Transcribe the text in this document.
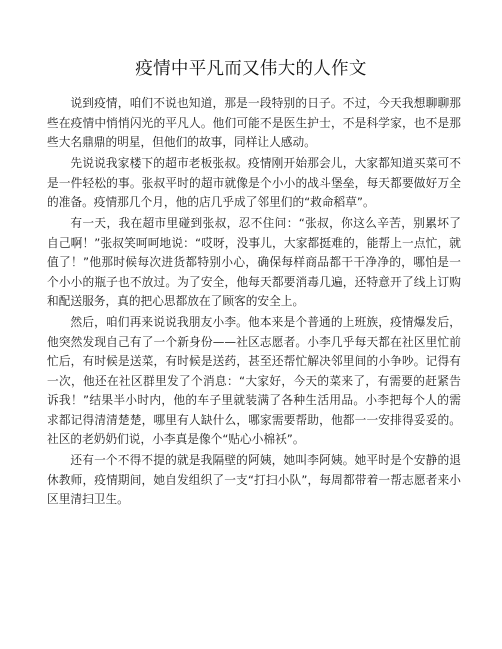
疫情中平凡而又伟大的人作文

说到疫情，咱们不说也知道，那是一段特别的日子。不过，今天我想聊聊那些在疫情中悄悄闪光的平凡人。他们可能不是医生护士，不是科学家，也不是那些大名鼎鼎的明星，但他们的故事，同样让人感动。

先说说我家楼下的超市老板张叔。疫情刚开始那会儿，大家都知道买菜可不是一件轻松的事。张叔平时的超市就像是个小小的战斗堡垒，每天都要做好万全的准备。疫情那几个月，他的店几乎成了邻里们的“救命稻草”。

有一天，我在超市里碰到张叔，忍不住问：“张叔，你这么辛苦，别累坏了自己啊！”张叔笑呵呵地说：“哎呀，没事儿，大家都挺难的，能帮上一点忙，就值了！”他那时候每次进货都特别小心，确保每样商品都干干净净的，哪怕是一个小小的瓶子也不放过。为了安全，他每天都要消毒几遍，还特意开了线上订购和配送服务，真的把心思都放在了顾客的安全上。

然后，咱们再来说说我朋友小李。他本来是个普通的上班族，疫情爆发后，他突然发现自己有了一个新身份——社区志愿者。小李几乎每天都在社区里忙前忙后，有时候是送菜，有时候是送药，甚至还帮忙解决邻里间的小争吵。记得有一次，他还在社区群里发了个消息：“大家好，今天的菜来了，有需要的赶紧告诉我！”结果半小时内，他的车子里就装满了各种生活用品。小李把每个人的需求都记得清清楚楚，哪里有人缺什么，哪家需要帮助，他都一一安排得妥妥的。社区的老奶奶们说，小李真是像个“贴心小棉袄”。

还有一个不得不提的就是我隔壁的阿姨，她叫李阿姨。她平时是个安静的退休教师，疫情期间，她自发组织了一支“打扫小队”，每周都带着一帮志愿者来小区里清扫卫生。
